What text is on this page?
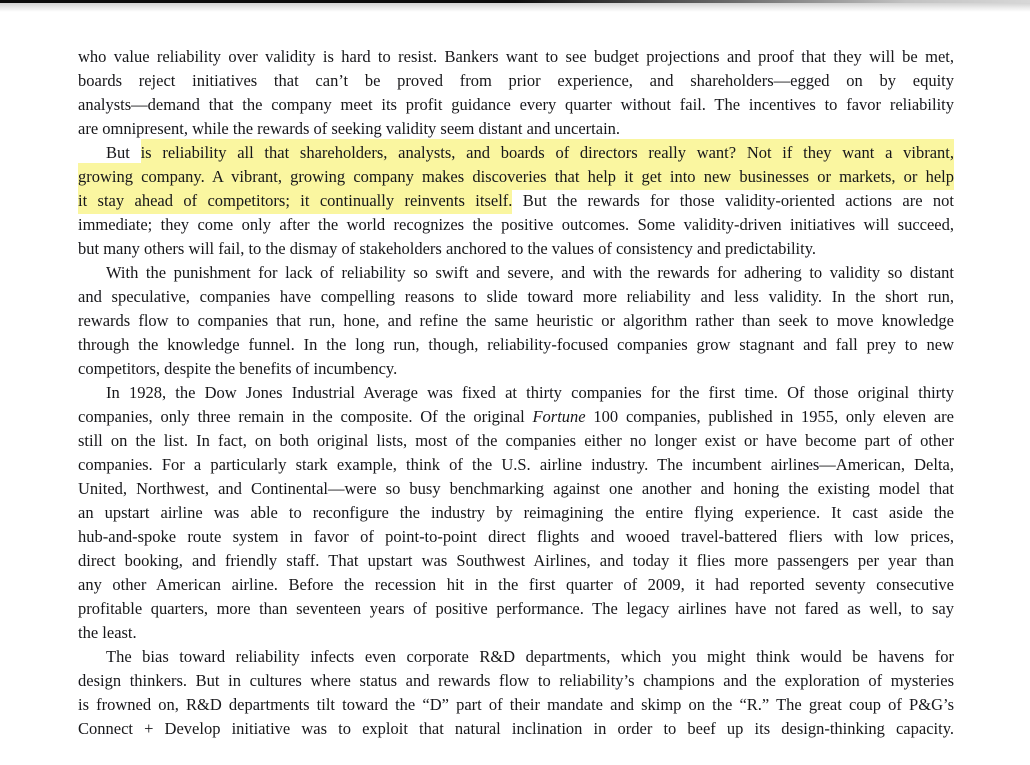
who value reliability over validity is hard to resist. Bankers want to see budget projections and proof that they will be met,
boards reject initiatives that can’t be proved from prior experience, and shareholders—egged on by equity
analysts—demand that the company meet its profit guidance every quarter without fail. The incentives to favor reliability
are omnipresent, while the rewards of seeking validity seem distant and uncertain.
But is reliability all that shareholders, analysts, and boards of directors really want? Not if they want a vibrant,
growing company. A vibrant, growing company makes discoveries that help it get into new businesses or markets, or help
it stay ahead of competitors; it continually reinvents itself. But the rewards for those validity-oriented actions are not
immediate; they come only after the world recognizes the positive outcomes. Some validity-driven initiatives will succeed,
but many others will fail, to the dismay of stakeholders anchored to the values of consistency and predictability.
With the punishment for lack of reliability so swift and severe, and with the rewards for adhering to validity so distant
and speculative, companies have compelling reasons to slide toward more reliability and less validity. In the short run,
rewards flow to companies that run, hone, and refine the same heuristic or algorithm rather than seek to move knowledge
through the knowledge funnel. In the long run, though, reliability-focused companies grow stagnant and fall prey to new
competitors, despite the benefits of incumbency.
In 1928, the Dow Jones Industrial Average was fixed at thirty companies for the first time. Of those original thirty
companies, only three remain in the composite. Of the original Fortune 100 companies, published in 1955, only eleven are
still on the list. In fact, on both original lists, most of the companies either no longer exist or have become part of other
companies. For a particularly stark example, think of the U.S. airline industry. The incumbent airlines—American, Delta,
United, Northwest, and Continental—were so busy benchmarking against one another and honing the existing model that
an upstart airline was able to reconfigure the industry by reimagining the entire flying experience. It cast aside the
hub-and-spoke route system in favor of point-to-point direct flights and wooed travel-battered fliers with low prices,
direct booking, and friendly staff. That upstart was Southwest Airlines, and today it flies more passengers per year than
any other American airline. Before the recession hit in the first quarter of 2009, it had reported seventy consecutive
profitable quarters, more than seventeen years of positive performance. The legacy airlines have not fared as well, to say
the least.
The bias toward reliability infects even corporate R&D departments, which you might think would be havens for
design thinkers. But in cultures where status and rewards flow to reliability’s champions and the exploration of mysteries
is frowned on, R&D departments tilt toward the “D” part of their mandate and skimp on the “R.” The great coup of P&G’s
Connect + Develop initiative was to exploit that natural inclination in order to beef up its design-thinking capacity.
